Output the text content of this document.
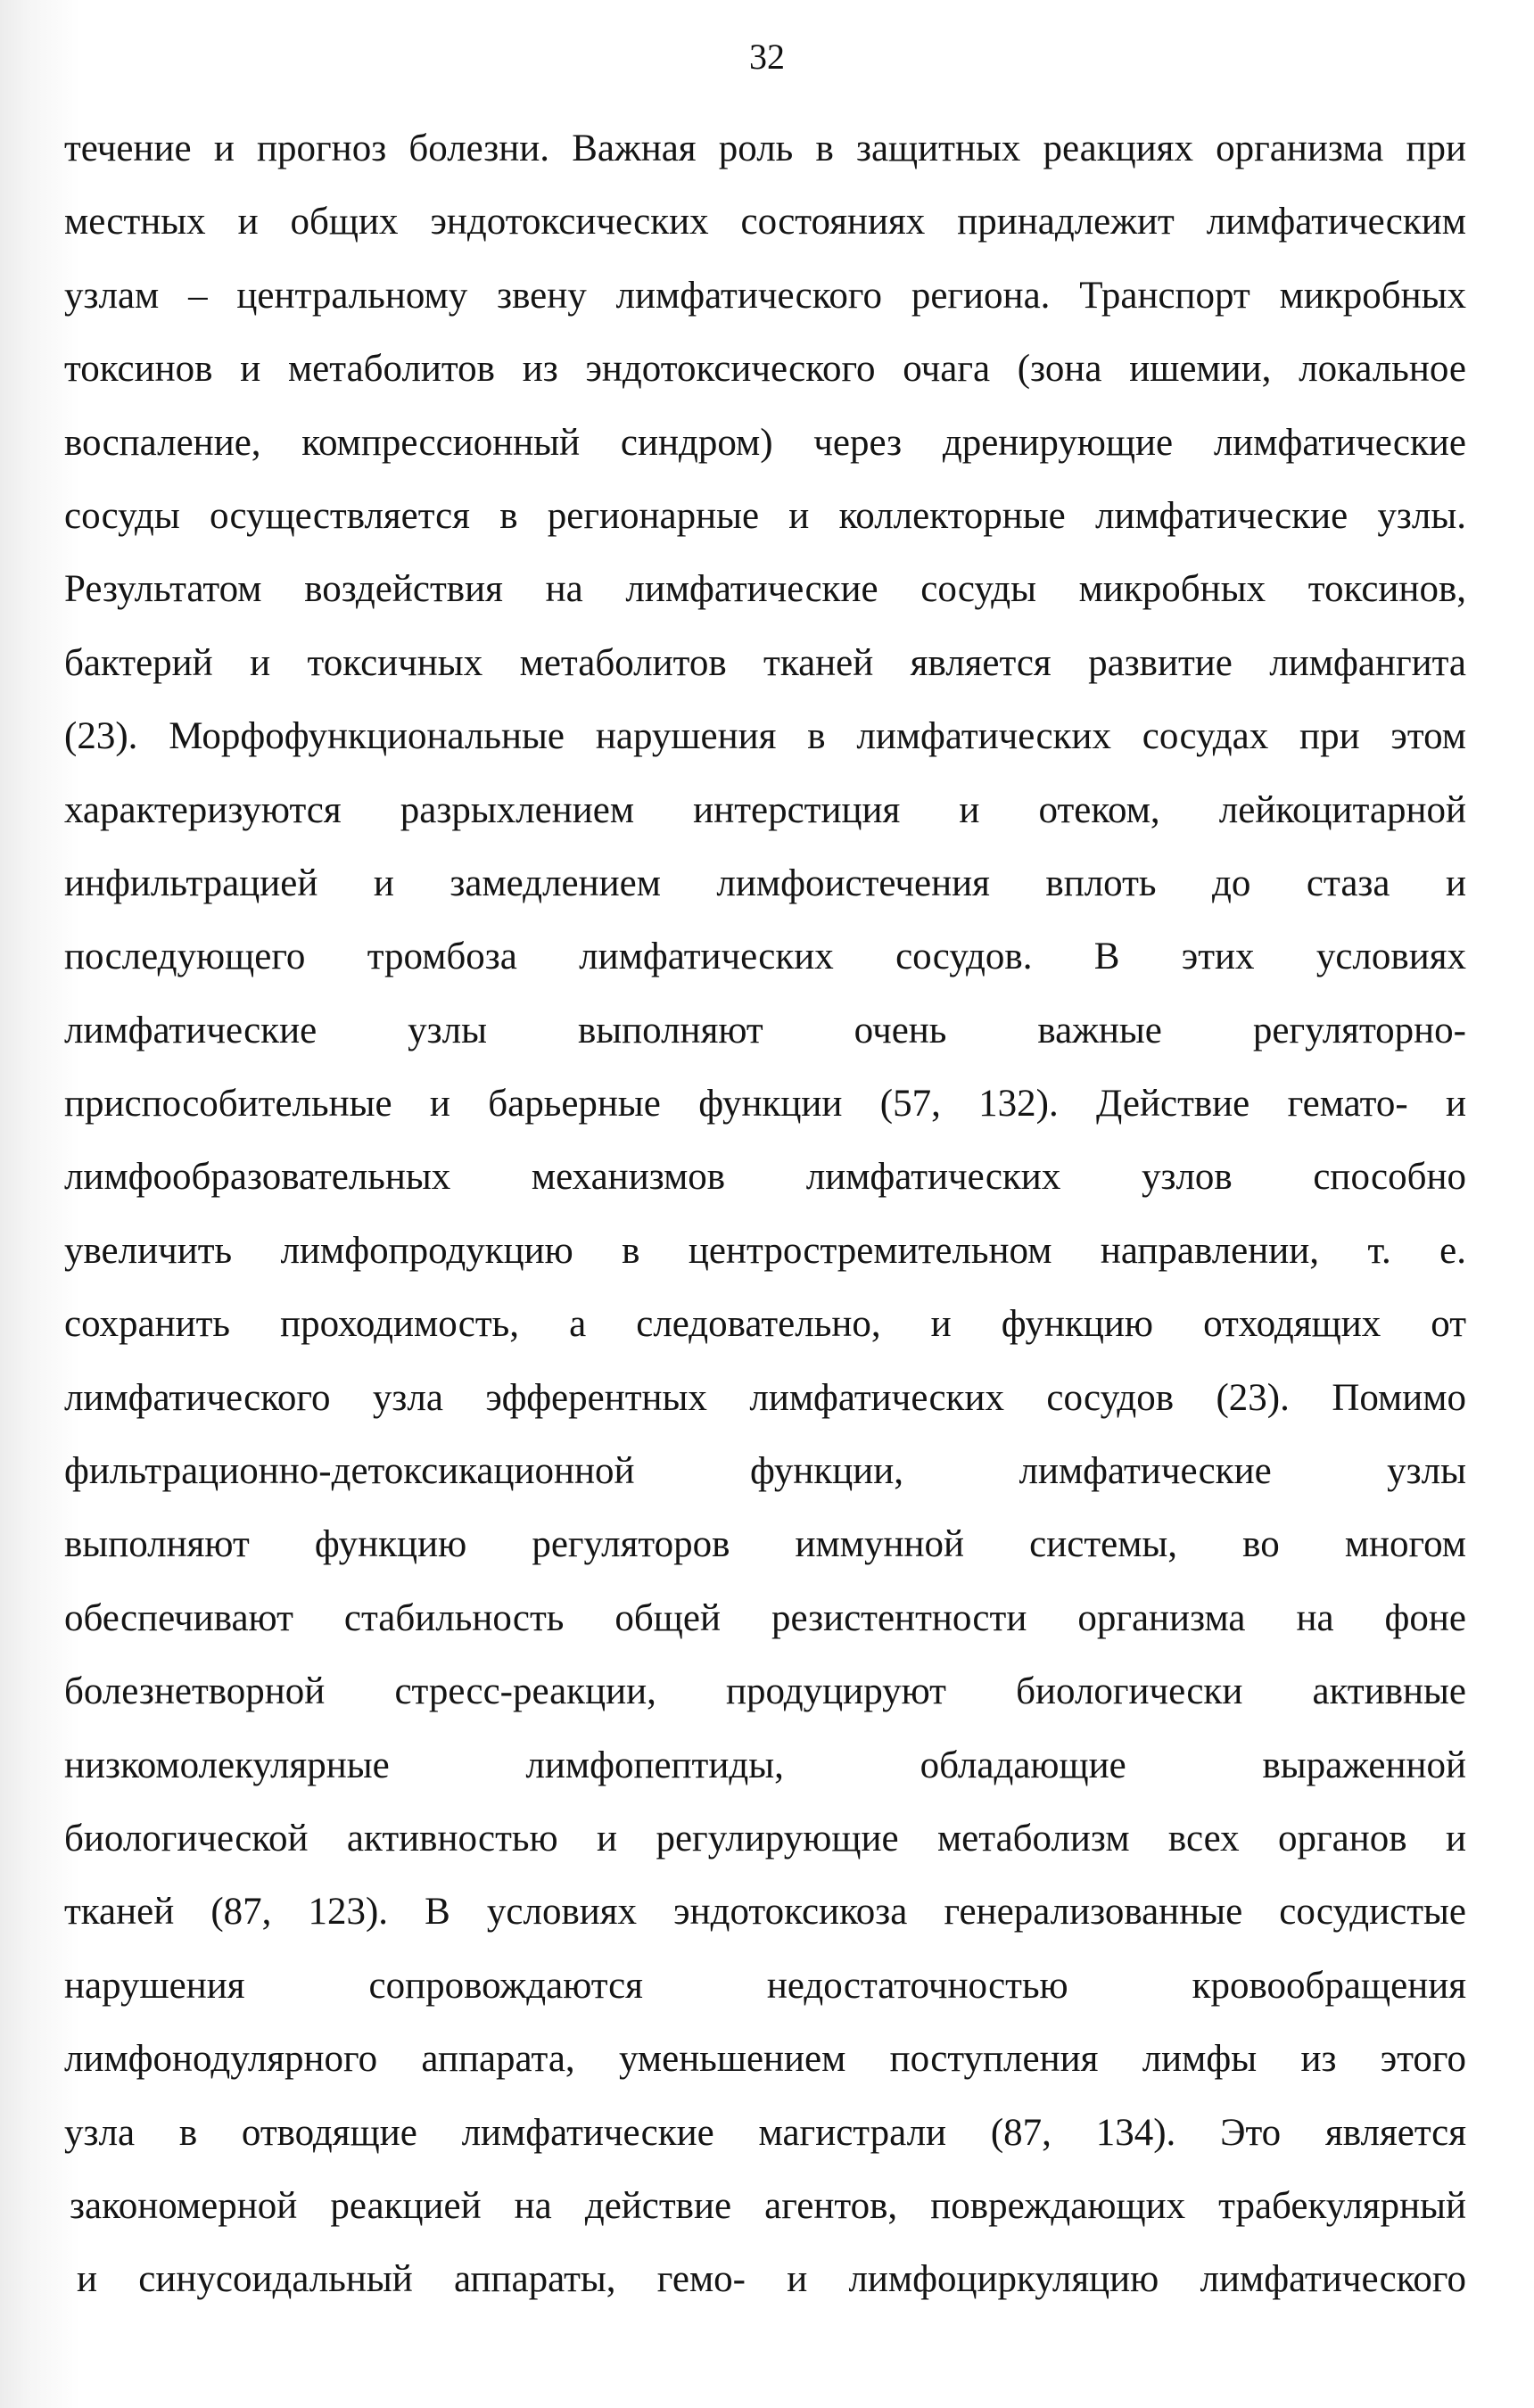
32
течение и прогноз болезни. Важная роль в защитных реакциях организма при
местных и общих эндотоксических состояниях принадлежит лимфатическим
узлам – центральному звену лимфатического региона. Транспорт микробных
токсинов и метаболитов из эндотоксического очага (зона ишемии, локальное
воспаление, компрессионный синдром) через дренирующие лимфатические
сосуды осуществляется в регионарные и коллекторные лимфатические узлы.
Результатом воздействия на лимфатические сосуды микробных токсинов,
бактерий и токсичных метаболитов тканей является развитие лимфангита
(23). Морфофункциональные нарушения в лимфатических сосудах при этом
характеризуются разрыхлением интерстиция и отеком, лейкоцитарной
инфильтрацией и замедлением лимфоистечения вплоть до стаза и
последующего тромбоза лимфатических сосудов. В этих условиях
лимфатические узлы выполняют очень важные регуляторно-
приспособительные и барьерные функции (57, 132). Действие гемато- и
лимфообразовательных механизмов лимфатических узлов способно
увеличить лимфопродукцию в центростремительном направлении, т. е.
сохранить проходимость, а следовательно, и функцию отходящих от
лимфатического узла эфферентных лимфатических сосудов (23). Помимо
фильтрационно-детоксикационной функции, лимфатические узлы
выполняют функцию регуляторов иммунной системы, во многом
обеспечивают стабильность общей резистентности организма на фоне
болезнетворной стресс-реакции, продуцируют биологически активные
низкомолекулярные лимфопептиды, обладающие выраженной
биологической активностью и регулирующие метаболизм всех органов и
тканей (87, 123). В условиях эндотоксикоза генерализованные сосудистые
нарушения сопровождаются недостаточностью кровообращения
лимфонодулярного аппарата, уменьшением поступления лимфы из этого
узла в отводящие лимфатические магистрали (87, 134). Это является
закономерной реакцией на действие агентов, повреждающих трабекулярный
и синусоидальный аппараты, гемо- и лимфоциркуляцию лимфатического
